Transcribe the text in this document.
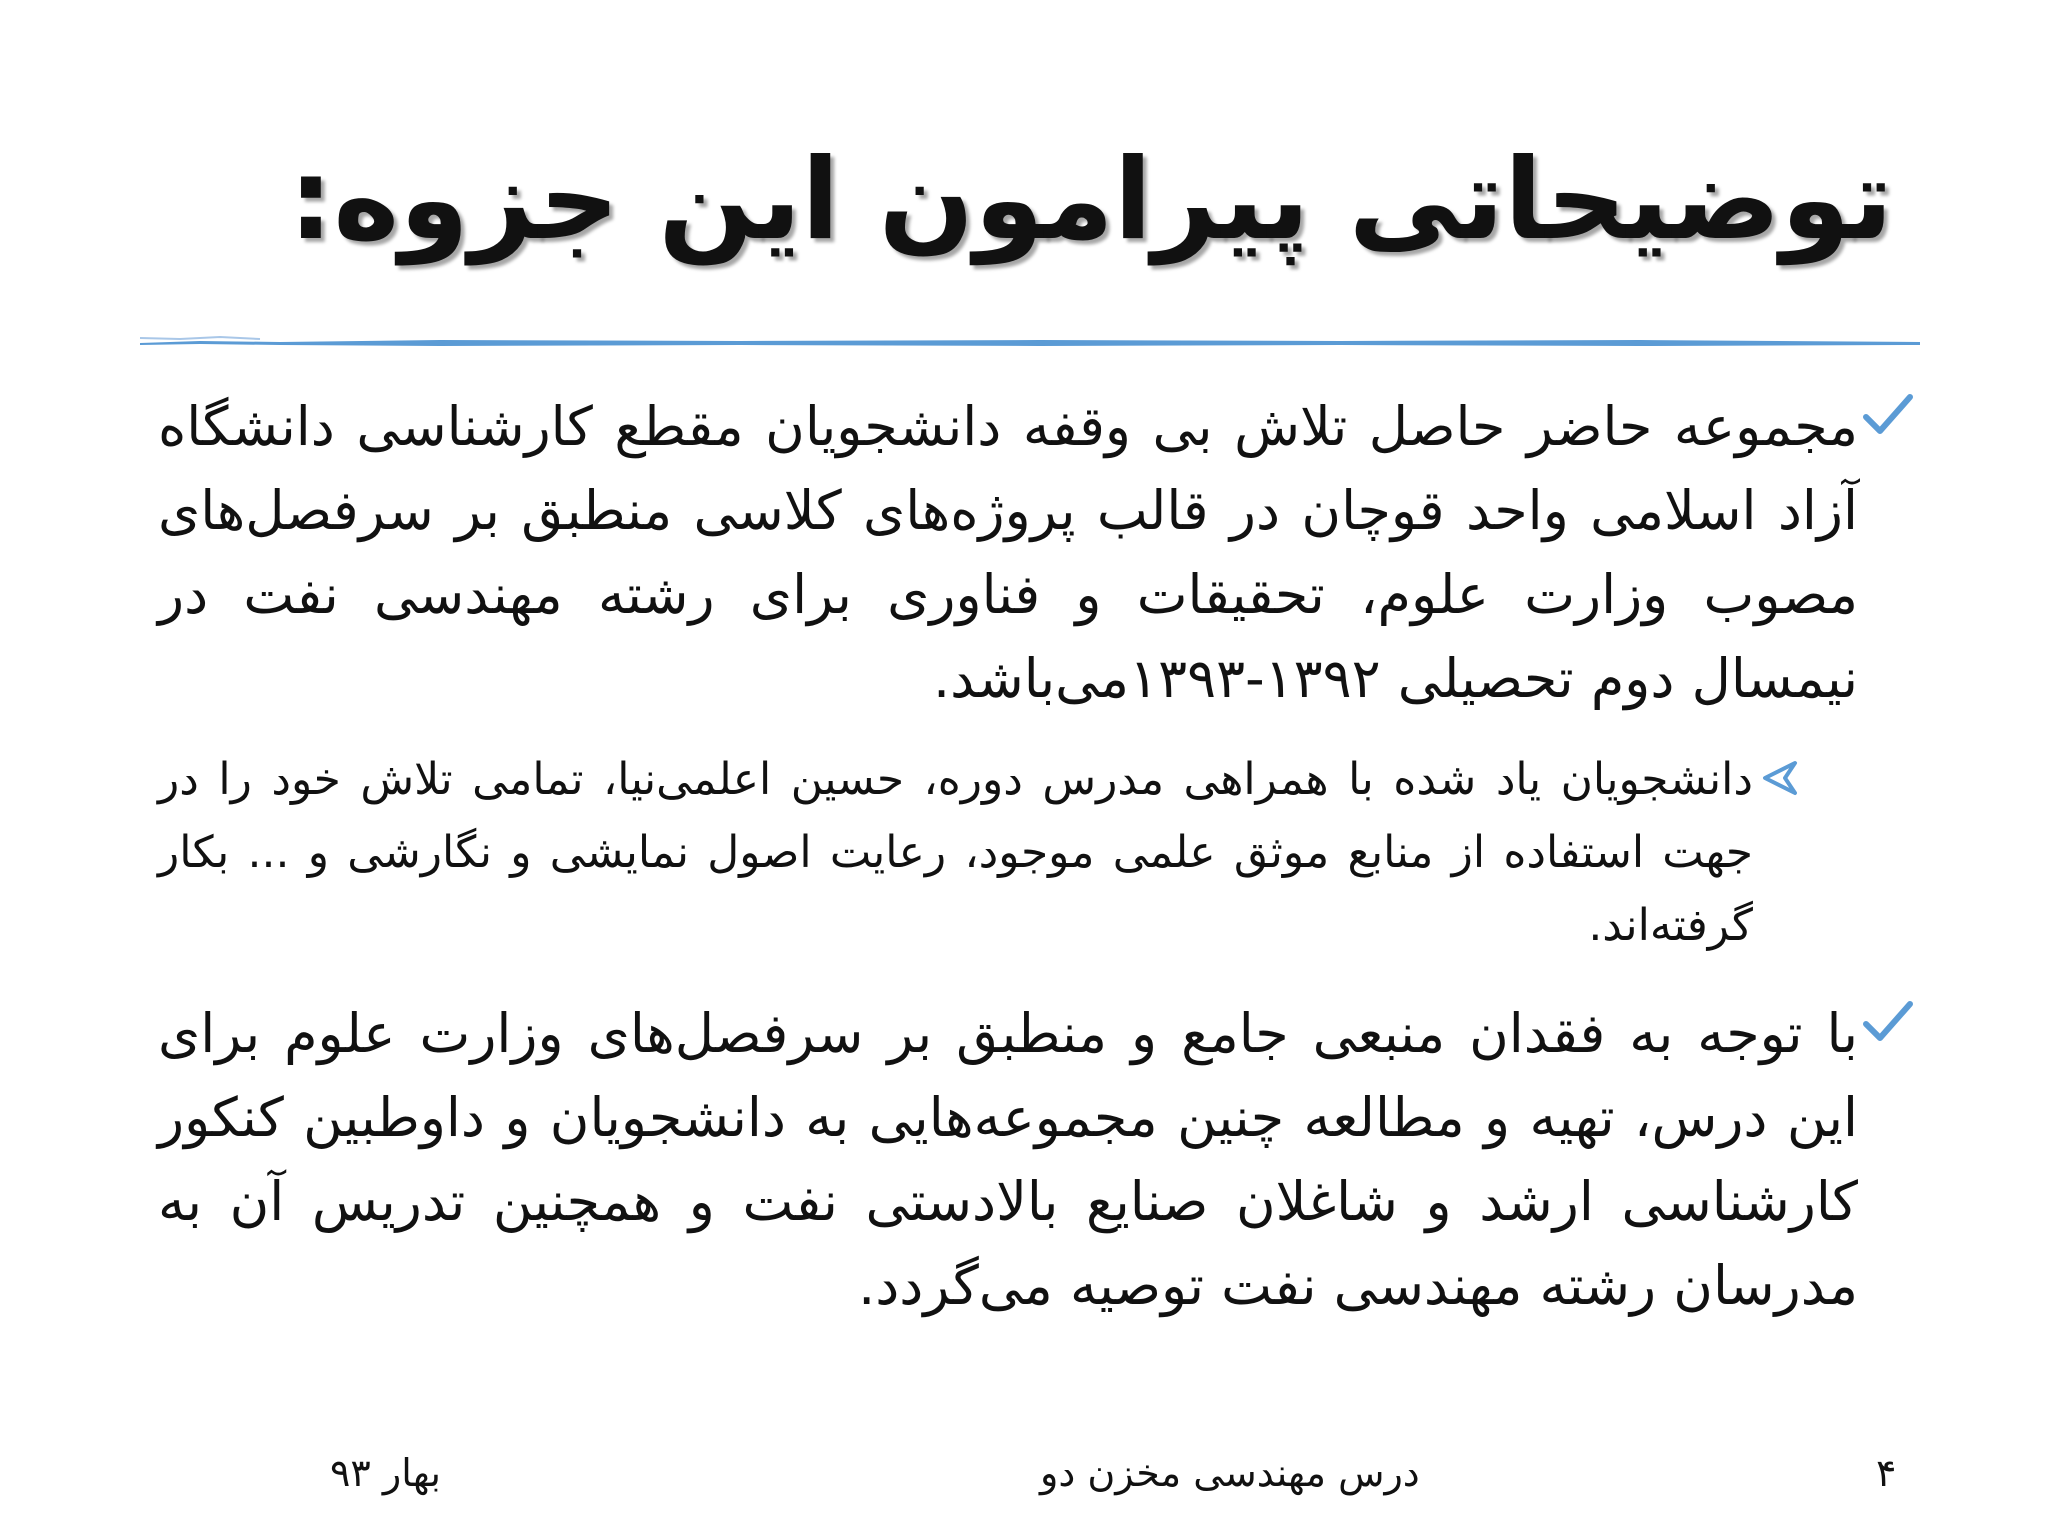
توضیحاتی پیرامون این جزوه:
مجموعه حاضر حاصل تلاش بی وقفه دانشجویان مقطع کارشناسی دانشگاه آزاد اسلامی واحد قوچان در قالب پروژه‌های کلاسی منطبق بر سرفصل‌های مصوب وزارت علوم، تحقیقات و فناوری برای رشته مهندسی نفت در نیمسال دوم تحصیلی ۱۳۹۲-۱۳۹۳می‌باشد.
دانشجویان یاد شده با همراهی مدرس دوره، حسین اعلمی‌نیا، تمامی تلاش خود را در جهت استفاده از منابع موثق علمی موجود، رعایت اصول نمایشی و نگارشی و ... بکار گرفته‌اند.
با توجه به فقدان منبعی جامع و منطبق بر سرفصل‌های وزارت علوم برای این درس، تهیه و مطالعه چنین مجموعه‌هایی به دانشجویان و داوطبین کنکور کارشناسی ارشد و شاغلان صنایع بالادستی نفت و همچنین تدریس آن به مدرسان رشته مهندسی نفت توصیه می‌گردد.
بهار ۹۳	درس مهندسی مخزن دو	۴
